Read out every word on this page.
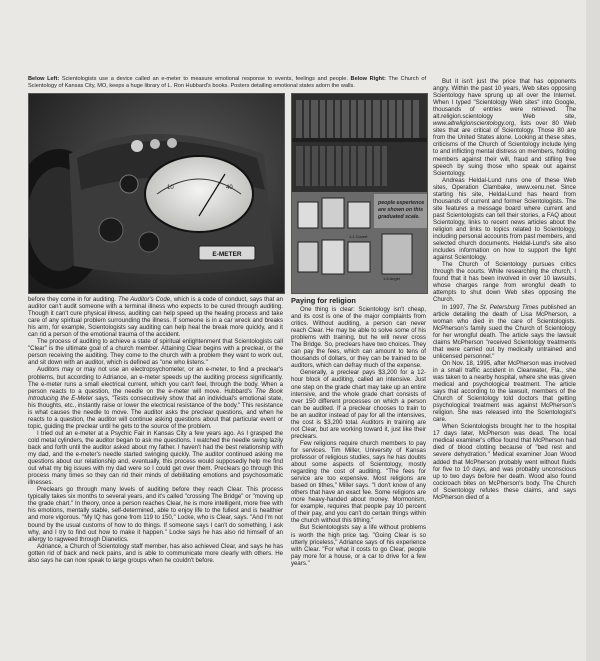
Below Left: Scientologists use a device called an e-meter to measure emotional response to events, feelings and people. Below Right: The Church of Scientology of Kansas City, MO, keeps a huge library of L. Ron Hubbard's books. Posters detailing emotional states adorn the walls.
10	40
E-METER
people experience
are shown on this
graduated scale.
1.1 Covert
1.5 Anger

before they come in for auditing. The Auditor's Code, which is a code of conduct, says that an auditor can't audit someone with a terminal illness who expects to be cured through auditing. Though it can't cure physical illness, auditing can help speed up the healing process and take care of any spiritual problem surrounding the illness. If someone is in a car wreck and breaks his arm, for example, Scientologists say auditing can help heal the break more quickly, and it can rid a person of the emotional trauma of the accident.

The process of auditing to achieve a state of spiritual enlightenment that Scientologists call "Clear" is the ultimate goal of a church member. Attaining Clear begins with a preclear, or the person receiving the auditing. They come to the church with a problem they want to work out, and sit down with an auditor, which is defined as "one who listens."

Auditors may or may not use an electropsychometer, or an e-meter, to find a preclear's problems, but according to Adriance, an e-meter speeds up the auditing process significantly. The e-meter runs a small electrical current, which you can't feel, through the body. When a person reacts to a question, the needle on the e-meter will move. Hubbard's The Book Introducing the E-Meter says, "Tests consecutively show that an individual's emotional state, his thoughts, etc., instantly raise or lower the electrical resistance of the body." This resistance is what causes the needle to move. The auditor asks the preclear questions, and when he reacts to a question, the auditor will continue asking questions about that particular event or topic, guiding the preclear until he gets to the source of the problem.

I tried out an e-meter at a Psychic Fair in Kansas City a few years ago. As I grasped the cold metal cylinders, the auditor began to ask me questions. I watched the needle swing lazily back and forth until the auditor asked about my father. I haven't had the best relationship with my dad, and the e-meter's needle started swinging quickly. The auditor continued asking me questions about our relationship and, eventually, this process would supposedly help me find out what my big issues with my dad were so I could get over them. Preclears go through this process many times so they can rid their minds of debilitating emotions and psychosomatic illnesses.

Preclears go through many levels of auditing before they reach Clear. This process typically takes six months to several years, and it's called "crossing The Bridge" or "moving up the grade chart." In theory, once a person reaches Clear, he is more intelligent, more free with his emotions, mentally stable, self-determined, able to enjoy life to the fullest and is healthier and more vigorous. "My IQ has gone from 119 to 150," Locke, who is Clear, says. "And I'm not bound by the usual customs of how to do things. If someone says I can't do something, I ask why, and I try to find out how to make it happen." Locke says he has also rid himself of an allergy to ragweed through Dianetics.

Adriance, a Church of Scientology staff member, has also achieved Clear, and says he has gotten rid of back and neck pains, and is able to communicate more clearly with others. He also says he can now speak to large groups when he couldn't before.

Paying for religion

One thing is clear: Scientology isn't cheap, and its cost is one of the major complaints from critics. Without auditing, a person can never reach Clear. He may be able to solve some of his problems with training, but he will never cross The Bridge. So, preclears have two choices. They can pay the fees, which can amount to tens of thousands of dollars, or they can be trained to be auditors, which can defray much of the expense.

Generally, a preclear pays $3,200 for a 12-hour block of auditing, called an intensive. Just one step on the grade chart may take up an entire intensive, and the whole grade chart consists of over 150 different processes on which a person can be audited. If a preclear chooses to train to be an auditor instead of pay for all the intensives, the cost is $3,200 total. Auditors in training are not Clear, but are working toward it, just like their preclears.

Few religions require church members to pay for services. Tim Miller, University of Kansas professor of religious studies, says he has doubts about some aspects of Scientology, mostly regarding the cost of auditing. "The fees for service are too expensive. Most religions are based on tithes," Miller says. "I don't know of any others that have an exact fee. Some religions are more heavy-handed about money. Mormonism, for example, requires that people pay 10 percent of their pay, and you can't do certain things within the church without this tithing."

But Scientologists say a life without problems is worth the high price tag. "Going Clear is so utterly priceless," Adriance says of his experience with Clear. "For what it costs to go Clear, people pay more for a house, or a car to drive for a few years."

But it isn't just the price that has opponents angry. Within the past 10 years, Web sites opposing Scientology have sprung up all over the Internet. When I typed "Scientology Web sites" into Google, thousands of entries were retrieved. The alt.religion.scientology Web site, www.altreligionscientology.org, lists over 80 Web sites that are critical of Scientology. Those 80 are from the United States alone. Looking at these sites, criticisms of the Church of Scientology include lying to and inflicting mental distress on members, holding members against their will, fraud and stifling free speech by suing those who speak out against Scientology.

Andreas Heldal-Lund runs one of these Web sites, Operation Clambake, www.xenu.net. Since starting his site, Heldal-Lund has heard from thousands of current and former Scientologists. The site features a message board where current and past Scientologists can tell their stories, a FAQ about Scientology, links to recent news articles about the religion and links to topics related to Scientology, including personal accounts from past members, and selected church documents. Heldal-Lund's site also includes information on how to support the fight against Scientology.

The Church of Scientology pursues critics through the courts. While researching the church, I found that it has been involved in over 10 lawsuits, whose charges range from wrongful death to attempts to shut down Web sites opposing the Church.

In 1997, The St. Petersburg Times published an article detailing the death of Lisa McPherson, a woman who died in the care of Scientologists. McPherson's family sued the Church of Scientology for her wrongful death. The article says the lawsuit claims McPherson "received Scientology treatments that were carried out by medically untrained and unlicensed personnel."

On Nov. 18, 1995, after McPherson was involved in a small traffic accident in Clearwater, Fla., she was taken to a nearby hospital, where she was given medical and psychological treatment. The article says that according to the lawsuit, members of the Church of Scientology told doctors that getting psychological treatment was against McPherson's religion. She was released into the Scientologist's care.

When Scientologists brought her to the hospital 17 days later, McPherson was dead. The local medical examiner's office found that McPherson had died of blood clotting because of "bed rest and severe dehydration." Medical examiner Joan Wood added that McPherson probably went without fluids for five to 10 days, and was probably unconscious up to two days before her death. Wood also found cockroach bites on McPherson's body. The Church of Scientology refutes these claims, and says McPherson died of a
